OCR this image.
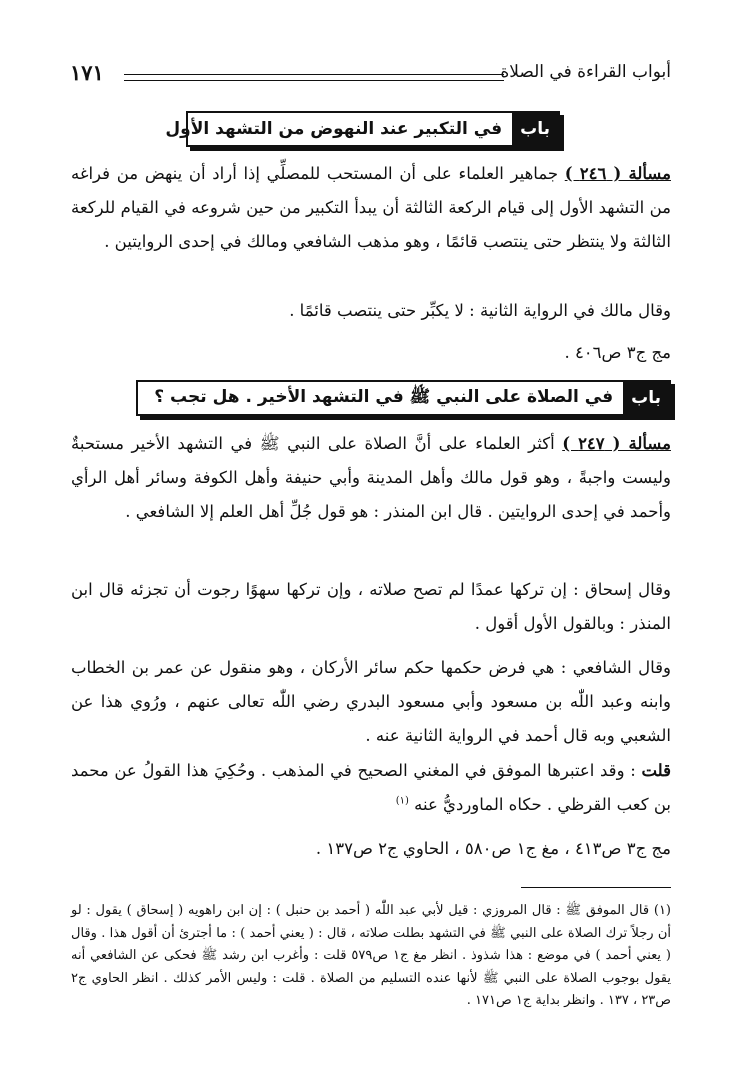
أبواب القراءة في الصلاة
١٧١
باب
في التكبير عند النهوض من التشهد الأول

مسألة ( ٢٤٦ ) جماهير العلماء على أن المستحب للمصلِّي إذا أراد أن ينهض من فراغه من التشهد الأول إلى قيام الركعة الثالثة أن يبدأ التكبير من حين شروعه في القيام للركعة الثالثة ولا ينتظر حتى ينتصب قائمًا ، وهو مذهب الشافعي ومالك في إحدى الروايتين .

وقال مالك في الرواية الثانية : لا يكبِّر حتى ينتصب قائمًا .

مج ج٣ ص٤٠٦ .

باب
في الصلاة على النبي ﷺ في التشهد الأخير . هل تجب ؟

مسألة ( ٢٤٧ ) أكثر العلماء على أنَّ الصلاة على النبي ﷺ في التشهد الأخير مستحبةٌ وليست واجبةً ، وهو قول مالك وأهل المدينة وأبي حنيفة وأهل الكوفة وسائر أهل الرأي وأحمد في إحدى الروايتين . قال ابن المنذر : هو قول جُلِّ أهل العلم إلا الشافعي .

وقال إسحاق : إن تركها عمدًا لم تصح صلاته ، وإن تركها سهوًا رجوت أن تجزئه قال ابن المنذر : وبالقول الأول أقول .

وقال الشافعي : هي فرض حكمها حكم سائر الأركان ، وهو منقول عن عمر بن الخطاب وابنه وعبد اللّٰه بن مسعود وأبي مسعود البدري رضي اللّٰه تعالى عنهم ، ورُوي هذا عن الشعبي وبه قال أحمد في الرواية الثانية عنه .

قلت : وقد اعتبرها الموفق في المغني الصحيح في المذهب . وحُكِيَ هذا القولُ عن محمد بن كعب القرظي . حكاه الماورديُّ عنه $^{(١)}$

مج ج٣ ص٤١٣ ، مغ ج١ ص٥٨٠ ، الحاوي ج٢ ص١٣٧ .

(١) قال الموفق ﷺ : قال المروزي : قيل لأبي عبد اللّٰه ( أحمد بن حنبل ) : إن ابن راهويه ( إسحاق ) يقول : لو أن رجلاً ترك الصلاة على النبي ﷺ في التشهد بطلت صلاته ، قال : ( يعني أحمد ) : ما أجترئ أن أقول هذا . وقال ( يعني أحمد ) في موضع : هذا شذوذ . انظر مغ ج١ ص٥٧٩ قلت : وأغرب ابن رشد ﷺ فحكى عن الشافعي أنه يقول بوجوب الصلاة على النبي ﷺ لأنها عنده التسليم من الصلاة . قلت : وليس الأمر كذلك . انظر الحاوي ج٢ ص٢٣ ، ١٣٧ . وانظر بداية ج١ ص١٧١ .
